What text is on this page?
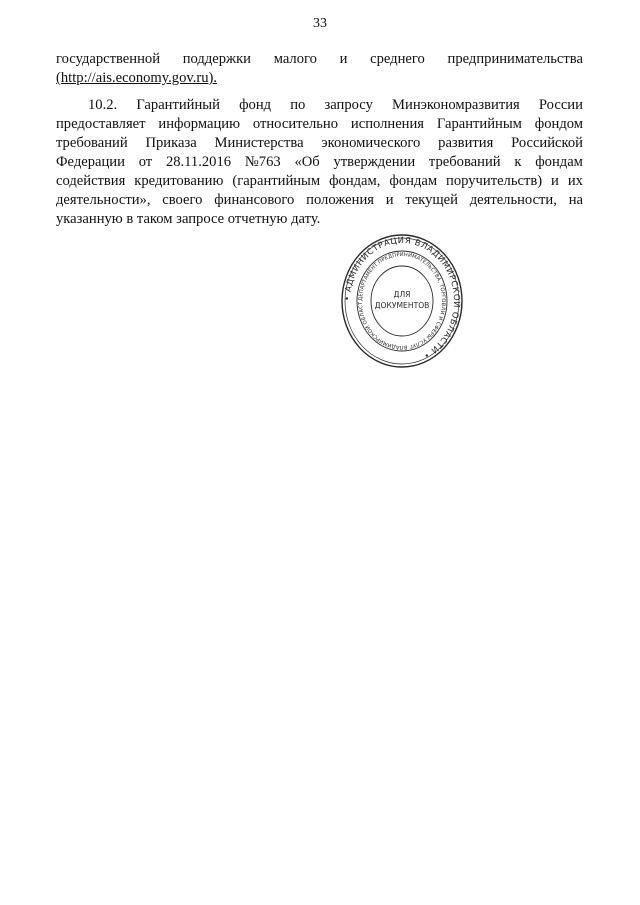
33
государственной поддержки малого и среднего предпринимательства
(http://ais.economy.gov.ru).
10.2. Гарантийный фонд по запросу Минэкономразвития России
предоставляет информацию относительно исполнения Гарантийным фондом
требований Приказа Министерства экономического развития Российской
Федерации от 28.11.2016 №763 «Об утверждении требований к фондам
содействия кредитованию (гарантийным фондам, фондам поручительств) и их
деятельности», своего финансового положения и текущей деятельности, на
указанную в таком запросе отчетную дату.
• АДМИНИСТРАЦИЯ ВЛАДИМИРСКОЙ ОБЛАСТИ •
ДЕПАРТАМЕНТ ПРЕДПРИНИМАТЕЛЬСТВА, ТОРГОВЛИ И СФЕРЫ УСЛУГ ВЛАДИМИРСКОЙ ОБЛАСТ
ДЛЯ
ДОКУМЕНТОВ
